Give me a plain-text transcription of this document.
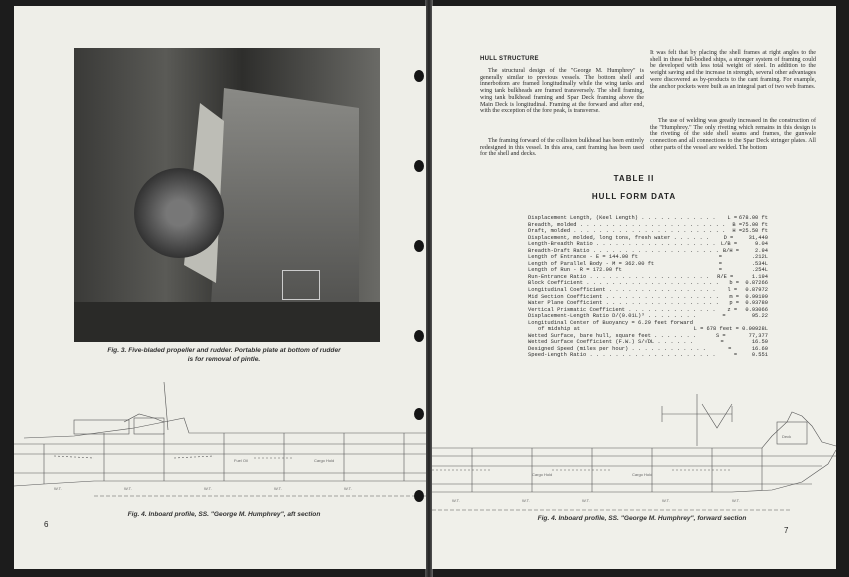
Fig. 3. Five-bladed propeller and rudder. Portable plate at bottom of rudder
is for removal of pintle.
W.T.	W.T.	W.T.	W.T.	W.T.
Fuel Oil	Cargo Hold
Fig. 4. Inboard profile, SS. "George M. Humphrey", aft section
6
HULL STRUCTURE
The structural design of the "George M. Humphrey" is generally similar to previous vessels. The bottom shell and innerbottom are framed longitudinally while the wing tanks and wing tank bulkheads are framed transversely. The shell framing, wing tank bulkhead framing and Spar Deck framing above the Main Deck is longitudinal. Framing at the forward and after end, with the exception of the fore peak, is transverse.
The framing forward of the collision bulkhead has been entirely redesigned in this vessel. In this area, cant framing has been used for the shell and decks.
It was felt that by placing the shell frames at right angles to the shell in these full-bodied ships, a stronger system of framing could be developed with less total weight of steel. In addition to the weight saving and the increase in strength, several other advantages were discovered as by-products to the cant framing. For example, the anchor pockets were built as an integral part of two web frames.
The use of welding was greatly increased in the construction of the "Humphrey." The only riveting which remains in this design is the riveting of the side shell seams and frames, the gunwale connection and all connections to the Spar Deck stringer plates. All other parts of the vessel are welded. The bottom
TABLE II
HULL FORM DATA
Displacement Length, (Keel Length) . . . . . . . . . . . .	L = 678.00 ft
Breadth, molded . . . . . . . . . . . . . . . . . . . . . . .	B = 75.00 ft
Draft, molded . . . . . . . . . . . . . . . . . . . . . . . .	H = 25.50 ft
Displacement, molded, long tons, fresh water . . . . . .	D =	31,440
Length-Breadth Ratio . . . . . . . . . . . . . . . . . . . L/B =	9.04
Breadth-Draft Ratio . . . . . . . . . . . . . . . . . . . . B/H =	2.94
Length of Entrance - E = 144.00 ft	=	.212L
Length of Parallel Body - M = 362.00 ft	=	.534L
Length of Run - R = 172.00 ft	=	.254L
Run-Entrance Ratio . . . . . . . . . . . . . . . . . . .	R/E =	1.194
Block Coefficient . . . . . . . . . . . . . . . . . . . . .	b =	0.87266
Longitudinal Coefficient . . . . . . . . . . . . . . . . .	l =	0.87972
Mid Section Coefficient . . . . . . . . . . . . . . . . . .	m =	0.99199
Water Plane Coefficient . . . . . . . . . . . . . . . . . .	p =	0.93780
Vertical Prismatic Coefficient . . . . . . . . . . . . . .	z =	0.93066
Displacement-Length Ratio D/(0.01L)³ . . . . . . . .	=	95.22
Longitudinal Center of Buoyancy = 6.29 feet forward
of midship at	L = 678 feet = 0.00928L
Wetted Surface, bare hull, square feet . . . . . . .	S =	77,377
Wetted Surface Coefficient (F.W.) S/√DL . . . . . .	=	16.50
Designed Speed (miles per hour) . . . . . . . . . . . .	=	16.60
Speed-Length Ratio . . . . . . . . . . . . . . . . . . . .	=	0.551
W.T.	W.T.	W.T.	W.T.	W.T.
Cargo Hold	Cargo Hold
Deck
Fig. 4. Inboard profile, SS. "George M. Humphrey", forward section
7
